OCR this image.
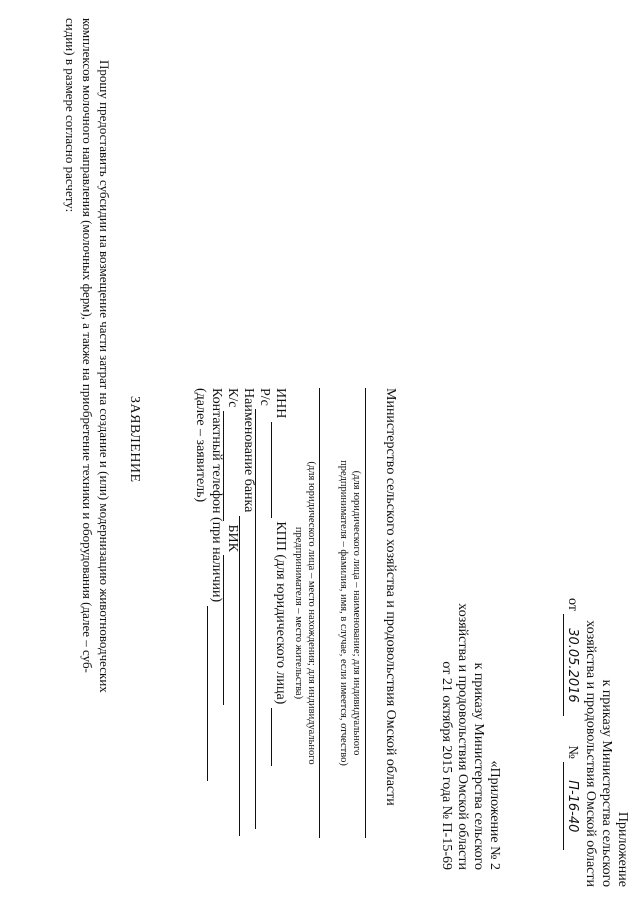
Приложение
к приказу Министерства сельского
хозяйства и продовольствия Омской области
от 30.05.2016  № П-16-40
«Приложение № 2
к приказу Министерства сельского
хозяйства и продовольствия Омской области
от 21 октября 2015 года № П-15-69
Министерство сельского хозяйства и продовольствия Омской области
(для юридического лица – наименование; для индивидуального
предпринимателя – фамилия, имя, в случае, если имеется, отчество)
(для юридического лица – место нахождения; для индивидуального
предпринимателя – место жительства)
ИНН   КПП (для юридического лица)
Р/с
Наименование банка
К/с   БИК
Контактный телефон (при наличии)
(далее – заявитель)
ЗАЯВЛЕНИЕ
Прошу предоставить субсидии на возмещение части затрат на создание и (или) модернизацию животноводческих
комплексов молочного направления (молочных ферм), а также на приобретение техники и оборудования (далее – суб-
сидии) в размере согласно расчету:
